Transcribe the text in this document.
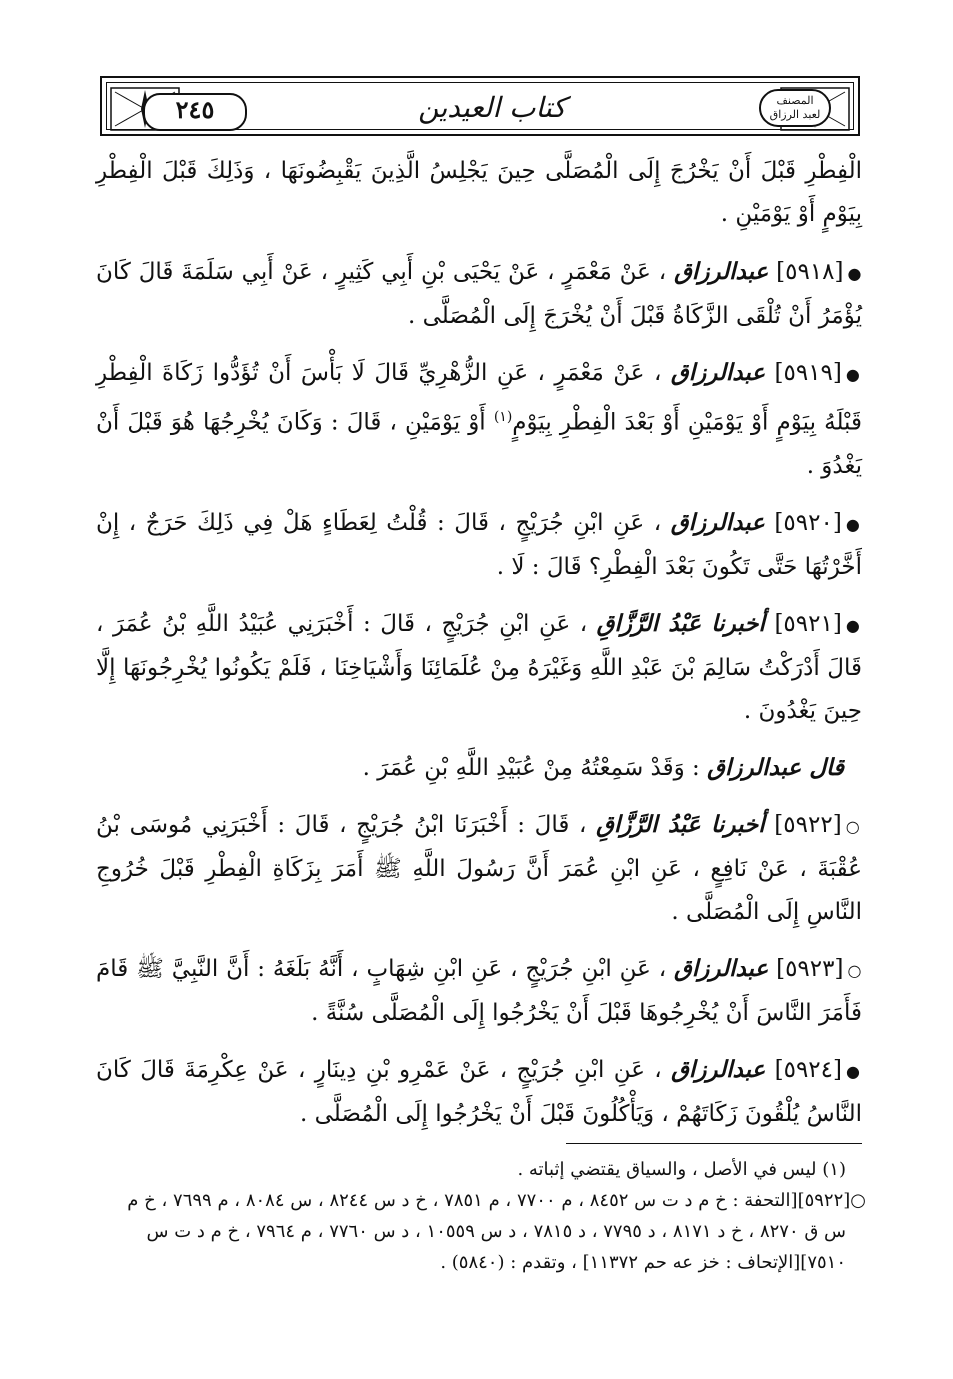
٢٤٥	كتاب العيدين	المصنف
لعبد الرزاق

الْفِطْرِ قَبْلَ أَنْ يَخْرُجَ إِلَى الْمُصَلَّى حِينَ يَجْلِسُ الَّذِينَ يَقْبِضُونَهَا ، وَذَلِكَ قَبْلَ الْفِطْرِ بِيَوْمٍ أَوْ يَوْمَيْنِ .

●[٥٩١٨] عبدالرزاق ، عَنْ مَعْمَرٍ ، عَنْ يَحْيَى بْنِ أَبِي كَثِيرٍ ، عَنْ أَبِي سَلَمَةَ قَالَ كَانَ يُؤْمَرُ أَنْ تُلْقَى الزَّكَاةُ قَبْلَ أَنْ يُخْرَجَ إِلَى الْمُصَلَّى .

●[٥٩١٩] عبدالرزاق ، عَنْ مَعْمَرٍ ، عَنِ الزُّهْرِيِّ قَالَ لَا بَأْسَ أَنْ تُؤَدُّوا زَكَاةَ الْفِطْرِ قَبْلَهُ بِيَوْمٍ أَوْ يَوْمَيْنِ أَوْ بَعْدَ الْفِطْرِ بِيَوْمٍ$^{(١)}$ أَوْ يَوْمَيْنِ ، قَالَ : وَكَانَ يُخْرِجُهَا هُوَ قَبْلَ أَنْ يَغْدُوَ .

●[٥٩٢٠] عبدالرزاق ، عَنِ ابْنِ جُرَيْجٍ ، قَالَ : قُلْتُ لِعَطَاءٍ هَلْ فِي ذَلِكَ حَرَجٌ ، إِنْ أَخَّرْتُهَا حَتَّى تَكُونَ بَعْدَ الْفِطْرِ؟ قَالَ : لَا .

●[٥٩٢١] أخبرنا عَبْدُ الرَّزَّاقِ ، عَنِ ابْنِ جُرَيْجٍ ، قَالَ : أَخْبَرَنِي عُبَيْدُ اللَّهِ بْنُ عُمَرَ ، قَالَ أَدْرَكْتُ سَالِمَ بْنَ عَبْدِ اللَّهِ وَغَيْرَهُ مِنْ عُلَمَائِنَا وَأَشْيَاخِنَا ، فَلَمْ يَكُونُوا يُخْرِجُونَهَا إِلَّا حِينَ يَغْدُونَ .

قال عبدالرزاق : وَقَدْ سَمِعْتُهُ مِنْ عُبَيْدِ اللَّهِ بْنِ عُمَرَ .

○[٥٩٢٢] أخبرنا عَبْدُ الرَّزَّاقِ ، قَالَ : أَخْبَرَنَا ابْنُ جُرَيْجٍ ، قَالَ : أَخْبَرَنِي مُوسَى بْنُ عُقْبَةَ ، عَنْ نَافِعٍ ، عَنِ ابْنِ عُمَرَ أَنَّ رَسُولَ اللَّهِ ﷺ أَمَرَ بِزَكَاةِ الْفِطْرِ قَبْلَ خُرُوجِ النَّاسِ إِلَى الْمُصَلَّى .

○[٥٩٢٣] عبدالرزاق ، عَنِ ابْنِ جُرَيْجٍ ، عَنِ ابْنِ شِهَابٍ ، أَنَّهُ بَلَغَهُ : أَنَّ النَّبِيَّ ﷺ قَامَ فَأَمَرَ النَّاسَ أَنْ يُخْرِجُوهَا قَبْلَ أَنْ يَخْرُجُوا إِلَى الْمُصَلَّى سُنَّةً .

●[٥٩٢٤] عبدالرزاق ، عَنِ ابْنِ جُرَيْجٍ ، عَنْ عَمْرِو بْنِ دِينَارٍ ، عَنْ عِكْرِمَةَ قَالَ كَانَ النَّاسُ يُلْقُونَ زَكَاتَهُمْ ، وَيَأْكُلُونَ قَبْلَ أَنْ يَخْرُجُوا إِلَى الْمُصَلَّى .

(١) ليس في الأصل ، والسياق يقتضي إثباته .

○[٥٩٢٢][التحفة : خ م د ت س ٨٤٥٢ ، م ٧٧٠٠ ، م ٧٨٥١ ، خ د س ٨٢٤٤ ، س ٨٠٨٤ ، م ٧٦٩٩ ، خ م

س ق ٨٢٧٠ ، خ د ٨١٧١ ، د ٧٧٩٥ ، د ٧٨١٥ ، د س ١٠٥٥٩ ، د س ٧٧٦٠ ، م ٧٩٦٤ ، خ م د ت س

٧٥١٠][الإتحاف : خز عه حم ١١٣٧٢] ، وتقدم : (٥٨٤٠) .
